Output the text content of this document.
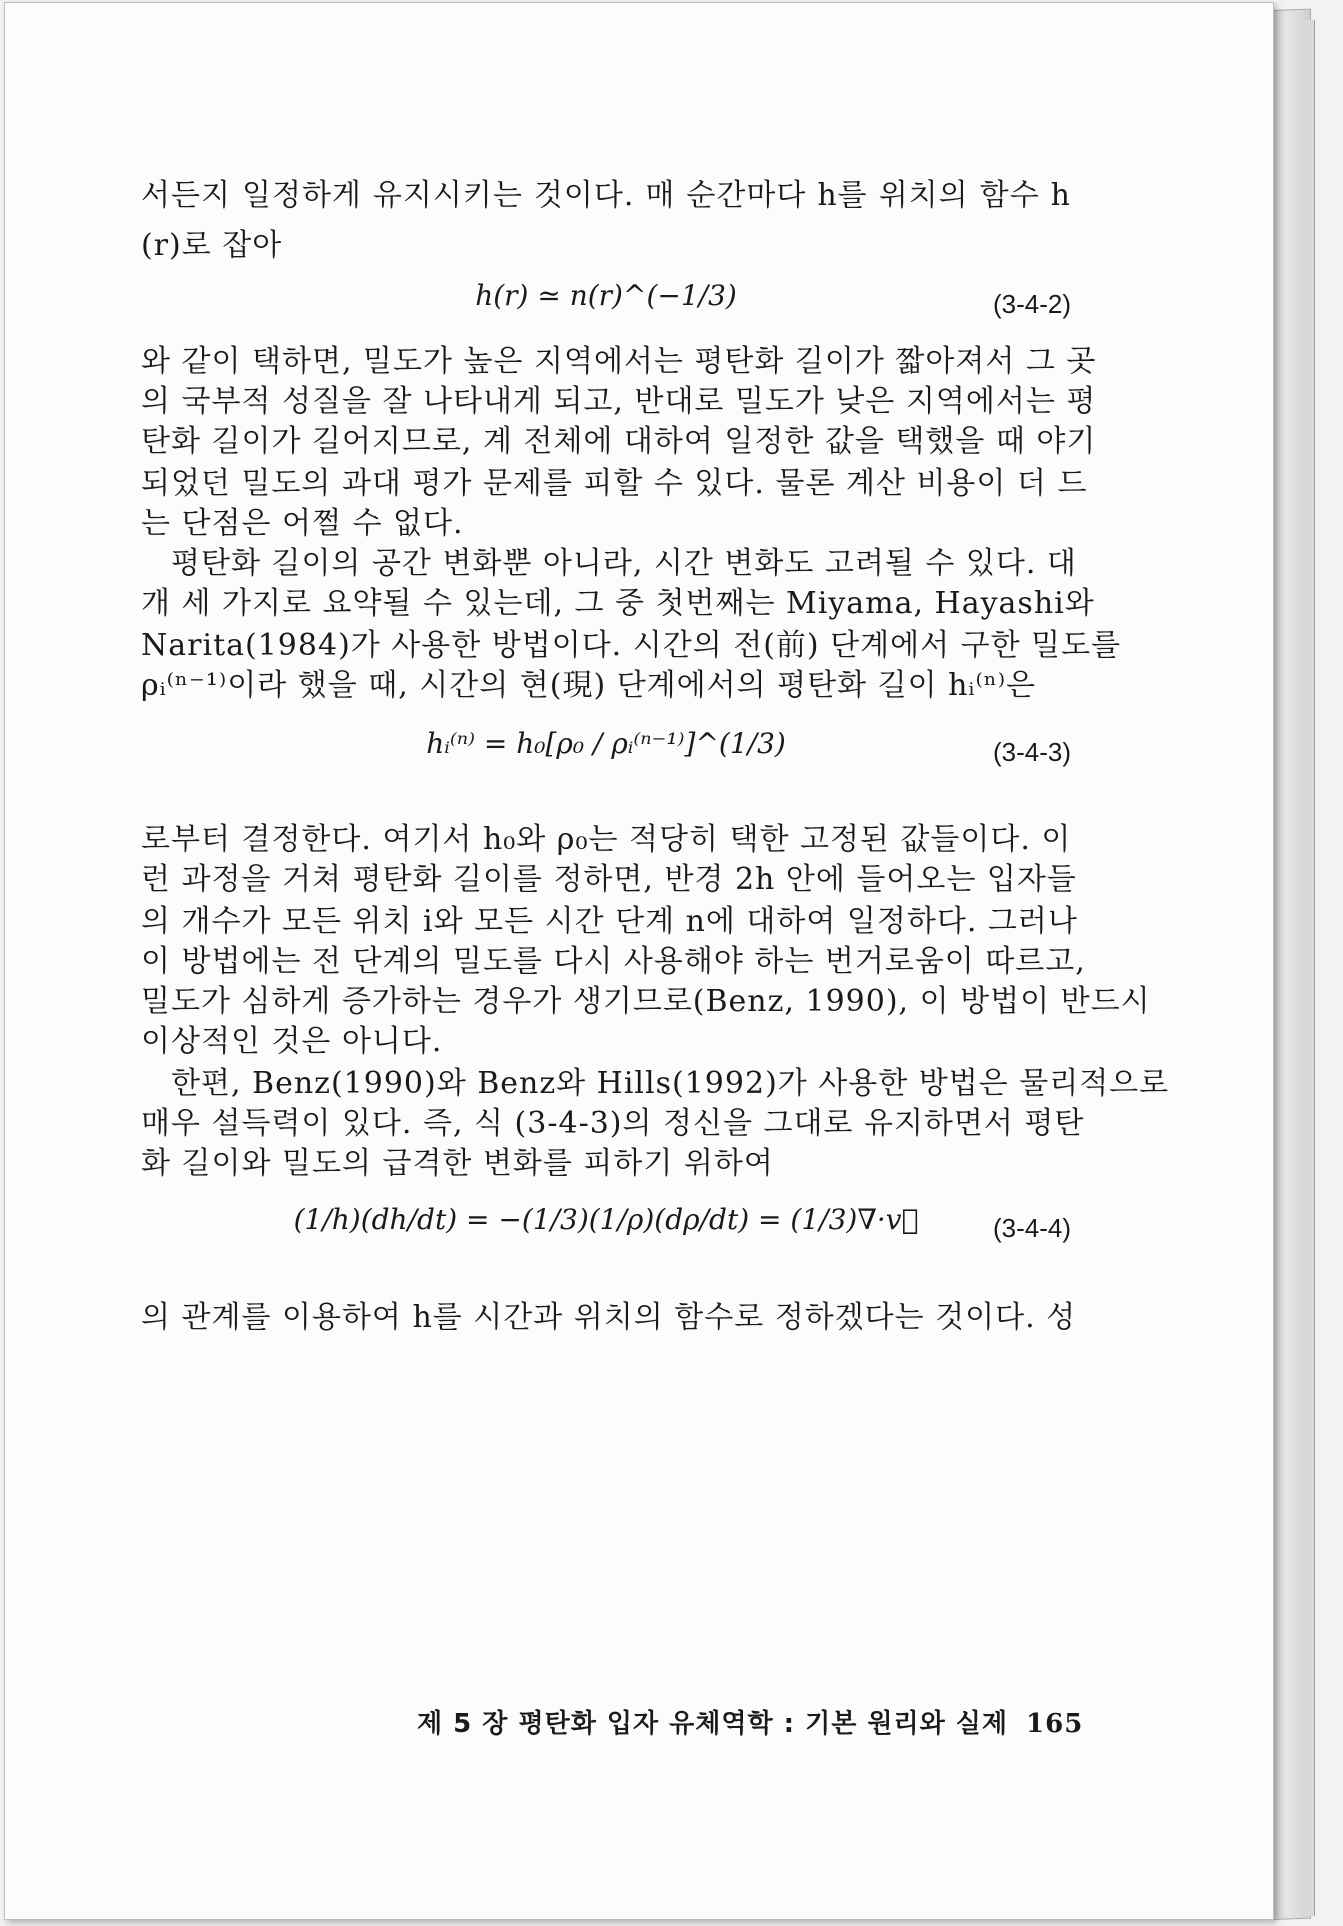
서든지 일정하게 유지시키는 것이다. 매 순간마다 h를 위치의 함수 h
(r)로 잡아
h(r) ≃ n(r)^(−1/3)	(3-4-2)
와 같이 택하면, 밀도가 높은 지역에서는 평탄화 길이가 짧아져서 그 곳
의 국부적 성질을 잘 나타내게 되고, 반대로 밀도가 낮은 지역에서는 평
탄화 길이가 길어지므로, 계 전체에 대하여 일정한 값을 택했을 때 야기
되었던 밀도의 과대 평가 문제를 피할 수 있다. 물론 계산 비용이 더 드
는 단점은 어쩔 수 없다.
평탄화 길이의 공간 변화뿐 아니라, 시간 변화도 고려될 수 있다. 대
개 세 가지로 요약될 수 있는데, 그 중 첫번째는 Miyama, Hayashi와
Narita(1984)가 사용한 방법이다. 시간의 전(前) 단계에서 구한 밀도를
ρᵢ⁽ⁿ⁻¹⁾이라 했을 때, 시간의 현(現) 단계에서의 평탄화 길이 hᵢ⁽ⁿ⁾은
hᵢ⁽ⁿ⁾ = h₀[ρ₀ / ρᵢ⁽ⁿ⁻¹⁾]^(1/3)	(3-4-3)
로부터 결정한다. 여기서 h₀와 ρ₀는 적당히 택한 고정된 값들이다. 이
런 과정을 거쳐 평탄화 길이를 정하면, 반경 2h 안에 들어오는 입자들
의 개수가 모든 위치 i와 모든 시간 단계 n에 대하여 일정하다. 그러나
이 방법에는 전 단계의 밀도를 다시 사용해야 하는 번거로움이 따르고,
밀도가 심하게 증가하는 경우가 생기므로(Benz, 1990), 이 방법이 반드시
이상적인 것은 아니다.
한편, Benz(1990)와 Benz와 Hills(1992)가 사용한 방법은 물리적으로
매우 설득력이 있다. 즉, 식 (3-4-3)의 정신을 그대로 유지하면서 평탄
화 길이와 밀도의 급격한 변화를 피하기 위하여
(1/h)(dh/dt) = −(1/3)(1/ρ)(dρ/dt) = (1/3)∇·v⃗	(3-4-4)
의 관계를 이용하여 h를 시간과 위치의 함수로 정하겠다는 것이다. 성
제 5 장 평탄화 입자 유체역학 : 기본 원리와 실제 165
